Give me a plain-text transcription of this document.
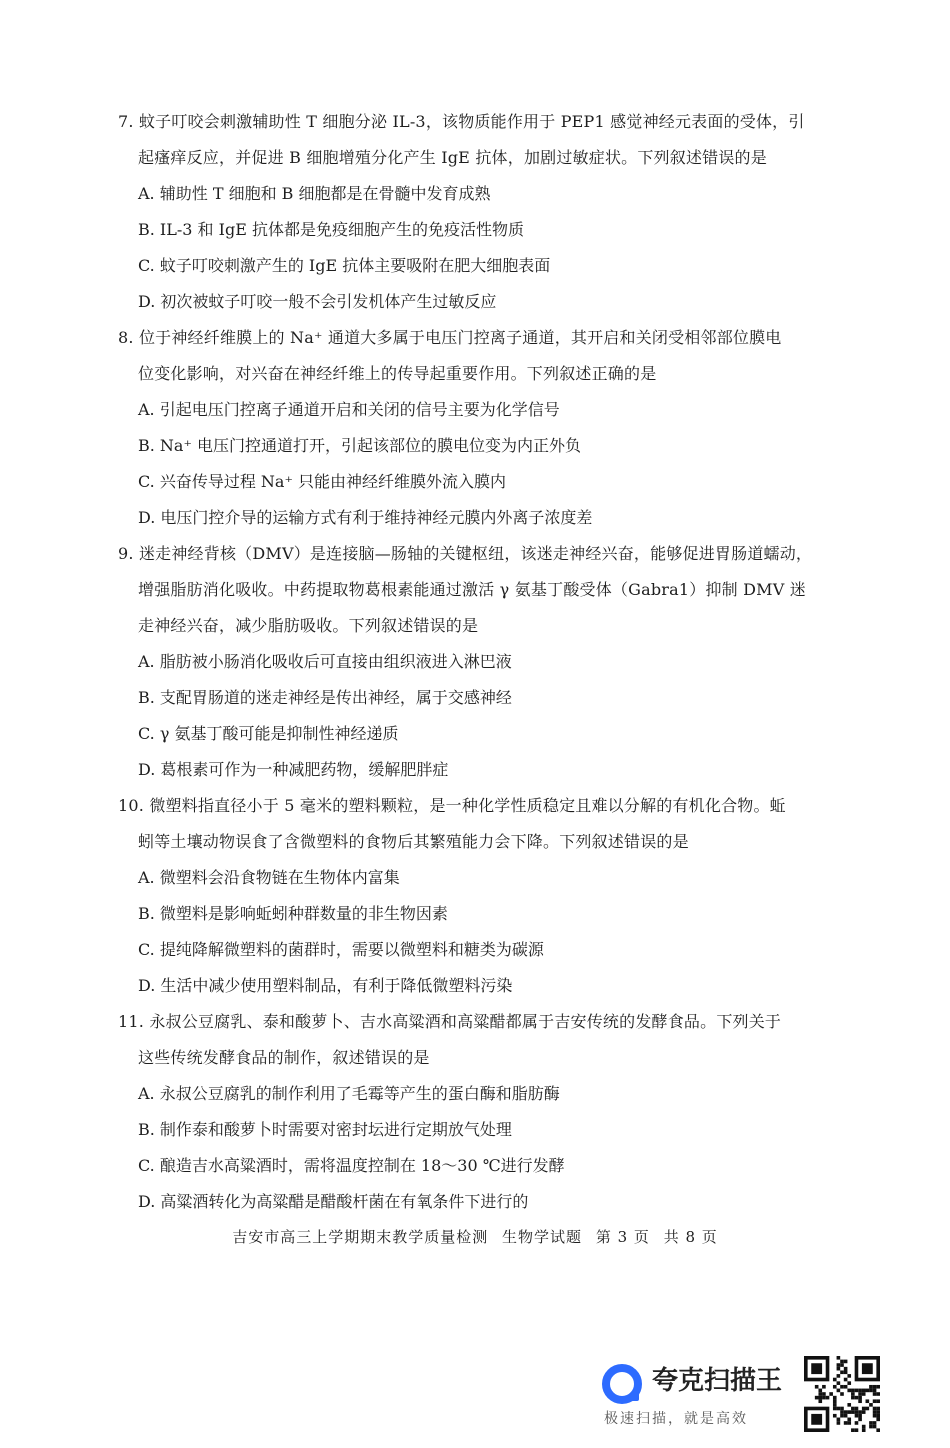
7. 蚊子叮咬会刺激辅助性 T 细胞分泌 IL-3，该物质能作用于 PEP1 感觉神经元表面的受体，引
起瘙痒反应，并促进 B 细胞增殖分化产生 IgE 抗体，加剧过敏症状。下列叙述错误的是
A. 辅助性 T 细胞和 B 细胞都是在骨髓中发育成熟
B. IL-3 和 IgE 抗体都是免疫细胞产生的免疫活性物质
C. 蚊子叮咬刺激产生的 IgE 抗体主要吸附在肥大细胞表面
D. 初次被蚊子叮咬一般不会引发机体产生过敏反应
8. 位于神经纤维膜上的 Na⁺ 通道大多属于电压门控离子通道，其开启和关闭受相邻部位膜电
位变化影响，对兴奋在神经纤维上的传导起重要作用。下列叙述正确的是
A. 引起电压门控离子通道开启和关闭的信号主要为化学信号
B. Na⁺ 电压门控通道打开，引起该部位的膜电位变为内正外负
C. 兴奋传导过程 Na⁺ 只能由神经纤维膜外流入膜内
D. 电压门控介导的运输方式有利于维持神经元膜内外离子浓度差
9. 迷走神经背核（DMV）是连接脑—肠轴的关键枢纽，该迷走神经兴奋，能够促进胃肠道蠕动，
增强脂肪消化吸收。中药提取物葛根素能通过激活 γ 氨基丁酸受体（Gabra1）抑制 DMV 迷
走神经兴奋，减少脂肪吸收。下列叙述错误的是
A. 脂肪被小肠消化吸收后可直接由组织液进入淋巴液
B. 支配胃肠道的迷走神经是传出神经，属于交感神经
C. γ 氨基丁酸可能是抑制性神经递质
D. 葛根素可作为一种减肥药物，缓解肥胖症
10. 微塑料指直径小于 5 毫米的塑料颗粒，是一种化学性质稳定且难以分解的有机化合物。蚯
蚓等土壤动物误食了含微塑料的食物后其繁殖能力会下降。下列叙述错误的是
A. 微塑料会沿食物链在生物体内富集
B. 微塑料是影响蚯蚓种群数量的非生物因素
C. 提纯降解微塑料的菌群时，需要以微塑料和糖类为碳源
D. 生活中减少使用塑料制品，有利于降低微塑料污染
11. 永叔公豆腐乳、泰和酸萝卜、吉水高粱酒和高粱醋都属于吉安传统的发酵食品。下列关于
这些传统发酵食品的制作，叙述错误的是
A. 永叔公豆腐乳的制作利用了毛霉等产生的蛋白酶和脂肪酶
B. 制作泰和酸萝卜时需要对密封坛进行定期放气处理
C. 酿造吉水高粱酒时，需将温度控制在 18～30 ℃进行发酵
D. 高粱酒转化为高粱醋是醋酸杆菌在有氧条件下进行的
吉安市高三上学期期末教学质量检测 生物学试题 第 3 页 共 8 页
夸克扫描王
极速扫描，就是高效
